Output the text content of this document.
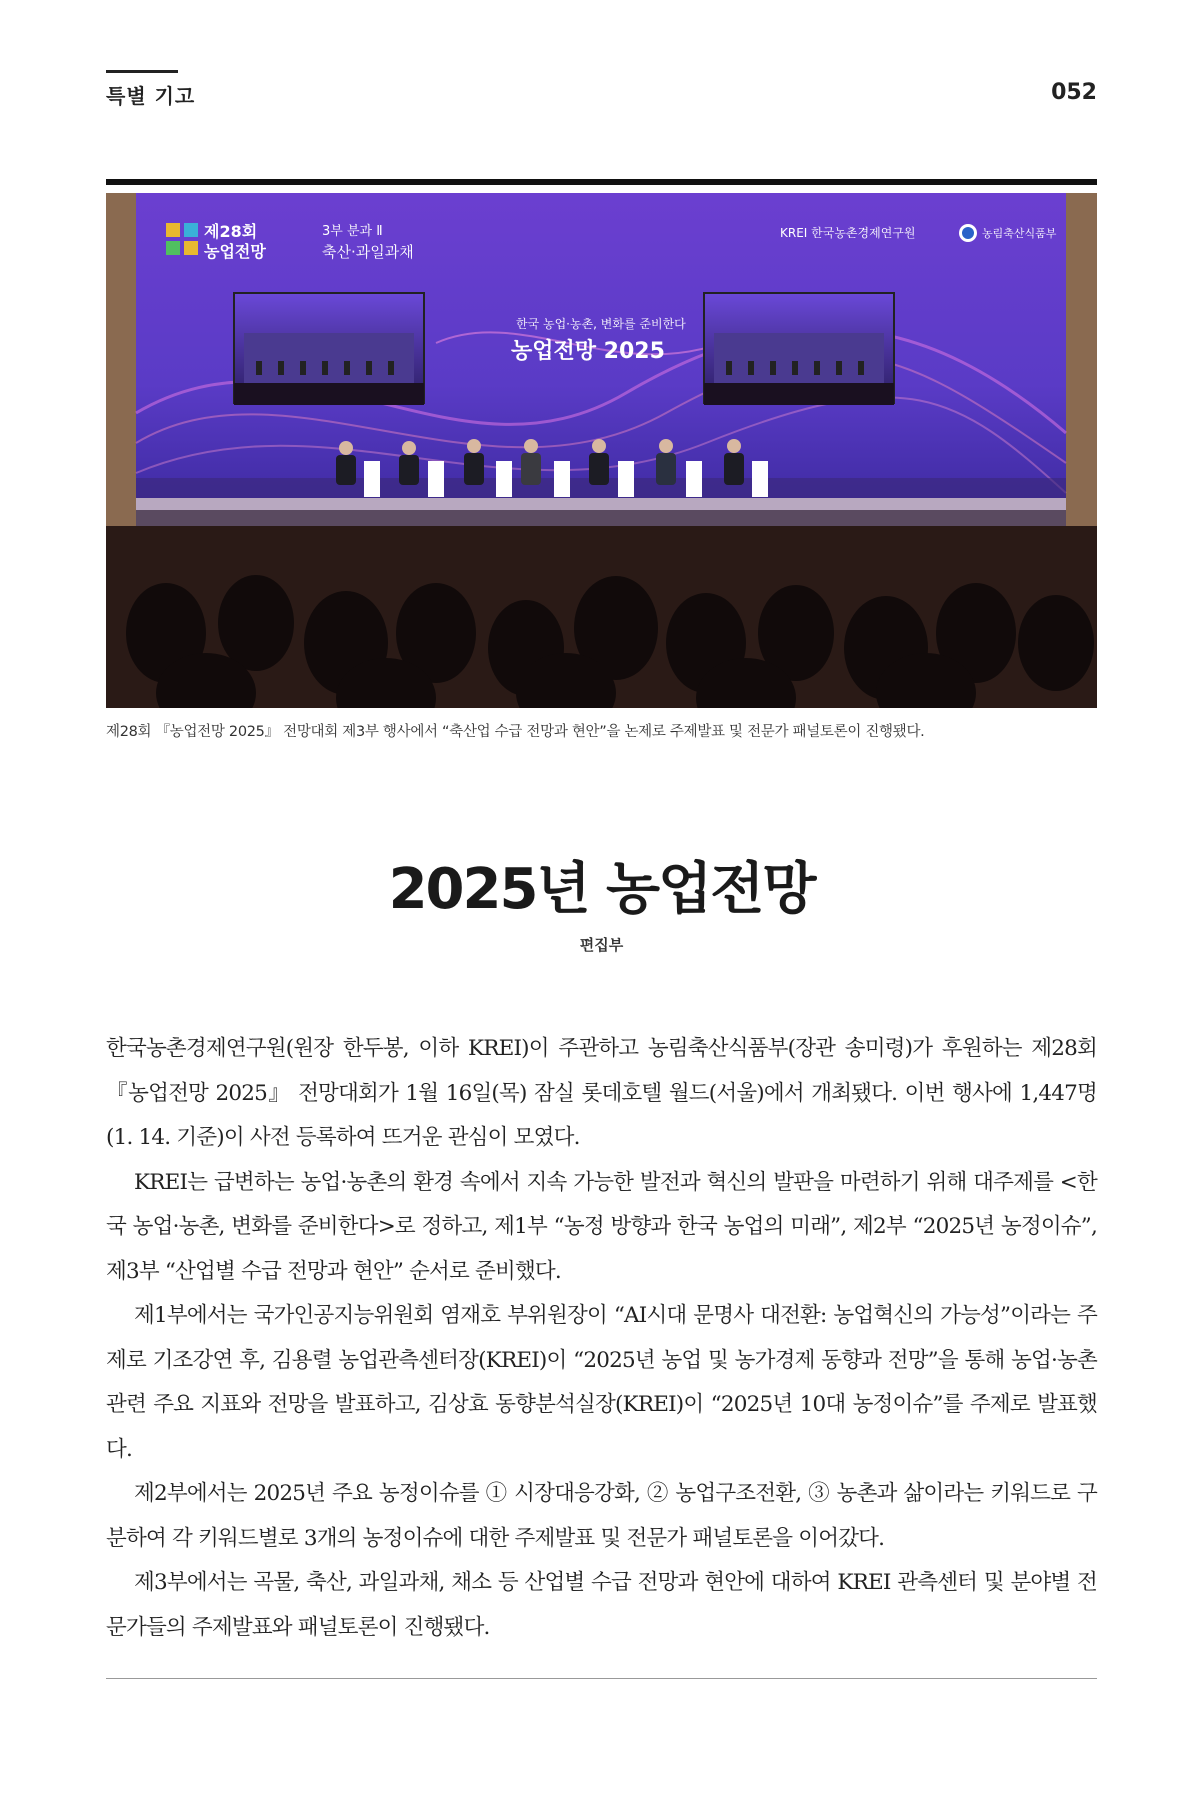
특별 기고	052
제28회
농업전망
3부 분과 Ⅱ
축산·과일과채
KREI 한국농촌경제연구원	농림축산식품부
한국 농업·농촌, 변화를 준비한다
농업전망 2025
제28회 『농업전망 2025』 전망대회 제3부 행사에서 “축산업 수급 전망과 현안”을 논제로 주제발표 및 전문가 패널토론이 진행됐다.
2025년 농업전망
편집부

한국농촌경제연구원(원장 한두봉, 이하 KREI)이 주관하고 농림축산식품부(장관 송미령)가 후원하는 제28회 『농업전망 2025』 전망대회가 1월 16일(목) 잠실 롯데호텔 월드(서울)에서 개최됐다. 이번 행사에 1,447명(1. 14. 기준)이 사전 등록하여 뜨거운 관심이 모였다.

KREI는 급변하는 농업·농촌의 환경 속에서 지속 가능한 발전과 혁신의 발판을 마련하기 위해 대주제를 <한국 농업·농촌, 변화를 준비한다>로 정하고, 제1부 “농정 방향과 한국 농업의 미래”, 제2부 “2025년 농정이슈”, 제3부 “산업별 수급 전망과 현안” 순서로 준비했다.

제1부에서는 국가인공지능위원회 염재호 부위원장이 “AI시대 문명사 대전환: 농업혁신의 가능성”이라는 주제로 기조강연 후, 김용렬 농업관측센터장(KREI)이 “2025년 농업 및 농가경제 동향과 전망”을 통해 농업·농촌 관련 주요 지표와 전망을 발표하고, 김상효 동향분석실장(KREI)이 “2025년 10대 농정이슈”를 주제로 발표했다.

제2부에서는 2025년 주요 농정이슈를 ① 시장대응강화, ② 농업구조전환, ③ 농촌과 삶이라는 키워드로 구분하여 각 키워드별로 3개의 농정이슈에 대한 주제발표 및 전문가 패널토론을 이어갔다.

제3부에서는 곡물, 축산, 과일과채, 채소 등 산업별 수급 전망과 현안에 대하여 KREI 관측센터 및 분야별 전문가들의 주제발표와 패널토론이 진행됐다.
